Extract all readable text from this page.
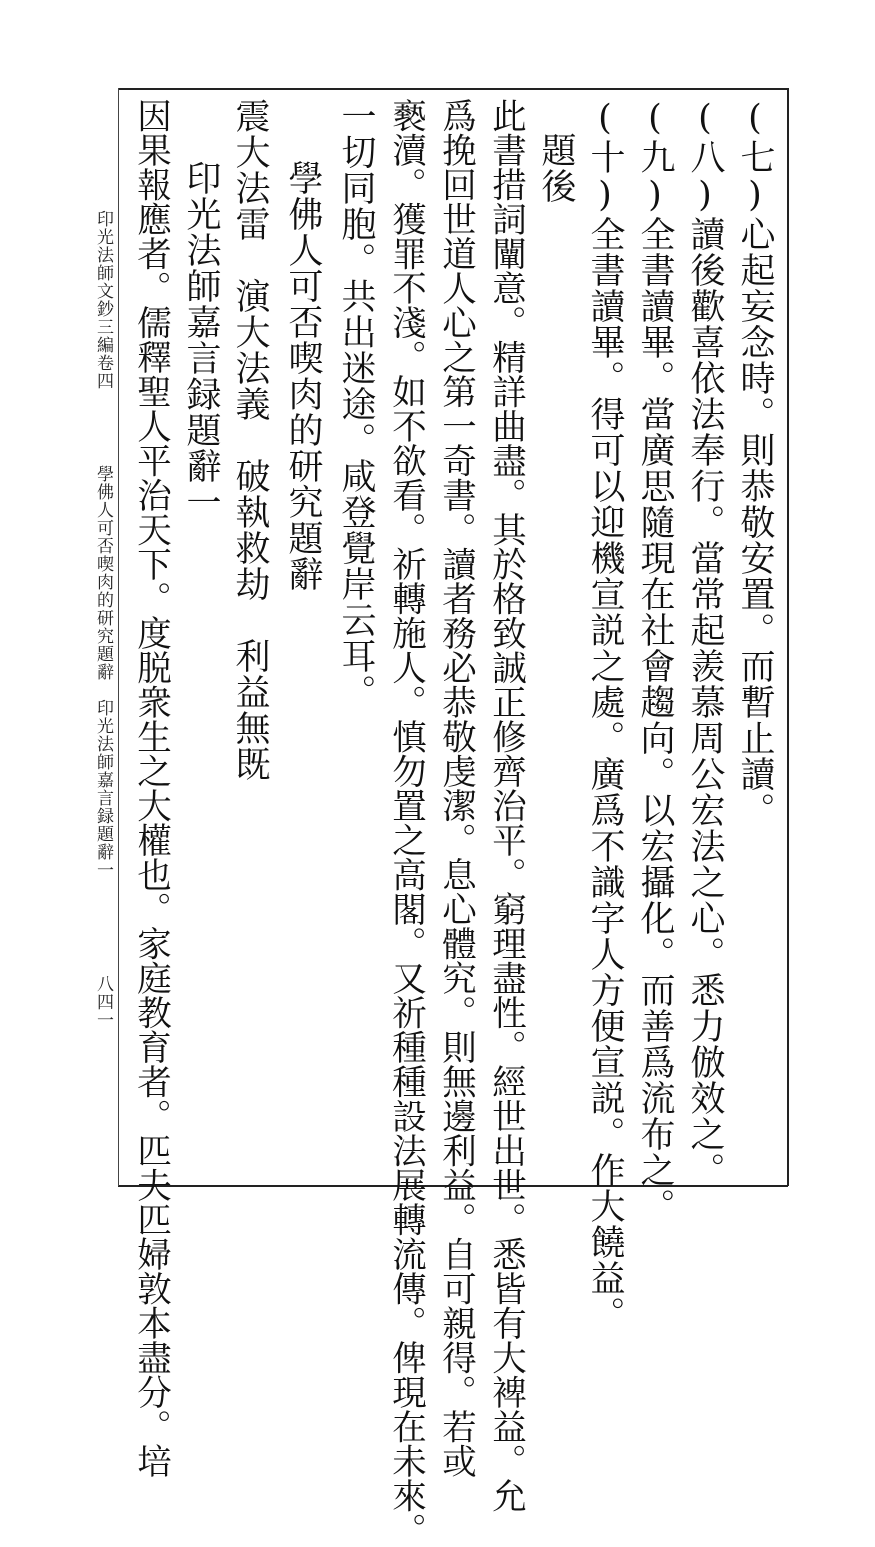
(七)心起妄念時。則恭敬安置。而暫止讀。
(八)讀後歡喜依法奉行。當常起羨慕周公宏法之心。悉力倣效之。
(九)全書讀畢。當廣思隨現在社會趨向。以宏攝化。而善爲流布之。
(十)全書讀畢。得可以迎機宣説之處。廣爲不識字人方便宣説。作大饒益。
題後
此書措詞闡意。精詳曲盡。其於格致誠正修齊治平。窮理盡性。經世出世。悉皆有大裨益。允
爲挽回世道人心之第一奇書。讀者務必恭敬虔潔。息心體究。則無邊利益。自可親得。若或
褻瀆。獲罪不淺。如不欲看。祈轉施人。慎勿置之高閣。又祈種種設法展轉流傳。俾現在未來。
一切同胞。共出迷途。咸登覺岸云耳。
學佛人可否喫肉的研究題辭
震大法雷　演大法義　破執救劫　利益無既
印光法師嘉言録題辭一
因果報應者。儒釋聖人平治天下。度脱衆生之大權也。家庭教育者。匹夫匹婦敦本盡分。培
印光法師文鈔三編卷四
學佛人可否喫肉的研究題辭　印光法師嘉言録題辭一
八四一
